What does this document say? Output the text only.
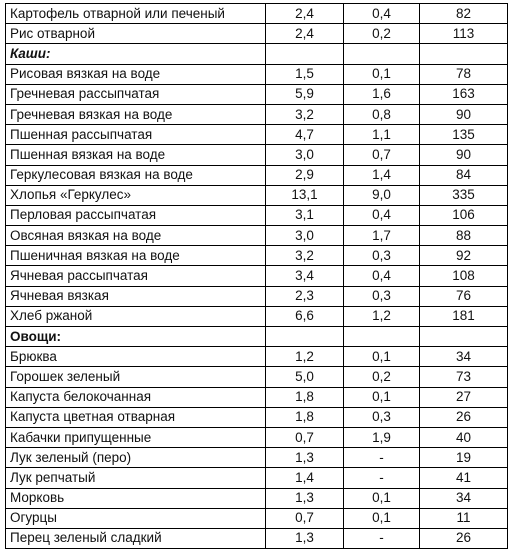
Картофель отварной или печеный	2,4	0,4	82
Рис отварной	2,4	0,2	113
Каши:			
Рисовая вязкая на воде	1,5	0,1	78
Гречневая рассыпчатая	5,9	1,6	163
Гречневая вязкая на воде	3,2	0,8	90
Пшенная рассыпчатая	4,7	1,1	135
Пшенная вязкая на воде	3,0	0,7	90
Геркулесовая вязкая на воде	2,9	1,4	84
Хлопья «Геркулес»	13,1	9,0	335
Перловая рассыпчатая	3,1	0,4	106
Овсяная вязкая на воде	3,0	1,7	88
Пшеничная вязкая на воде	3,2	0,3	92
Ячневая рассыпчатая	3,4	0,4	108
Ячневая вязкая	2,3	0,3	76
Хлеб ржаной	6,6	1,2	181
Овощи:			
Брюква	1,2	0,1	34
Горошек зеленый	5,0	0,2	73
Капуста белокочанная	1,8	0,1	27
Капуста цветная отварная	1,8	0,3	26
Кабачки припущенные	0,7	1,9	40
Лук зеленый (перо)	1,3	-	19
Лук репчатый	1,4	-	41
Морковь	1,3	0,1	34
Огурцы	0,7	0,1	11
Перец зеленый сладкий	1,3	-	26
